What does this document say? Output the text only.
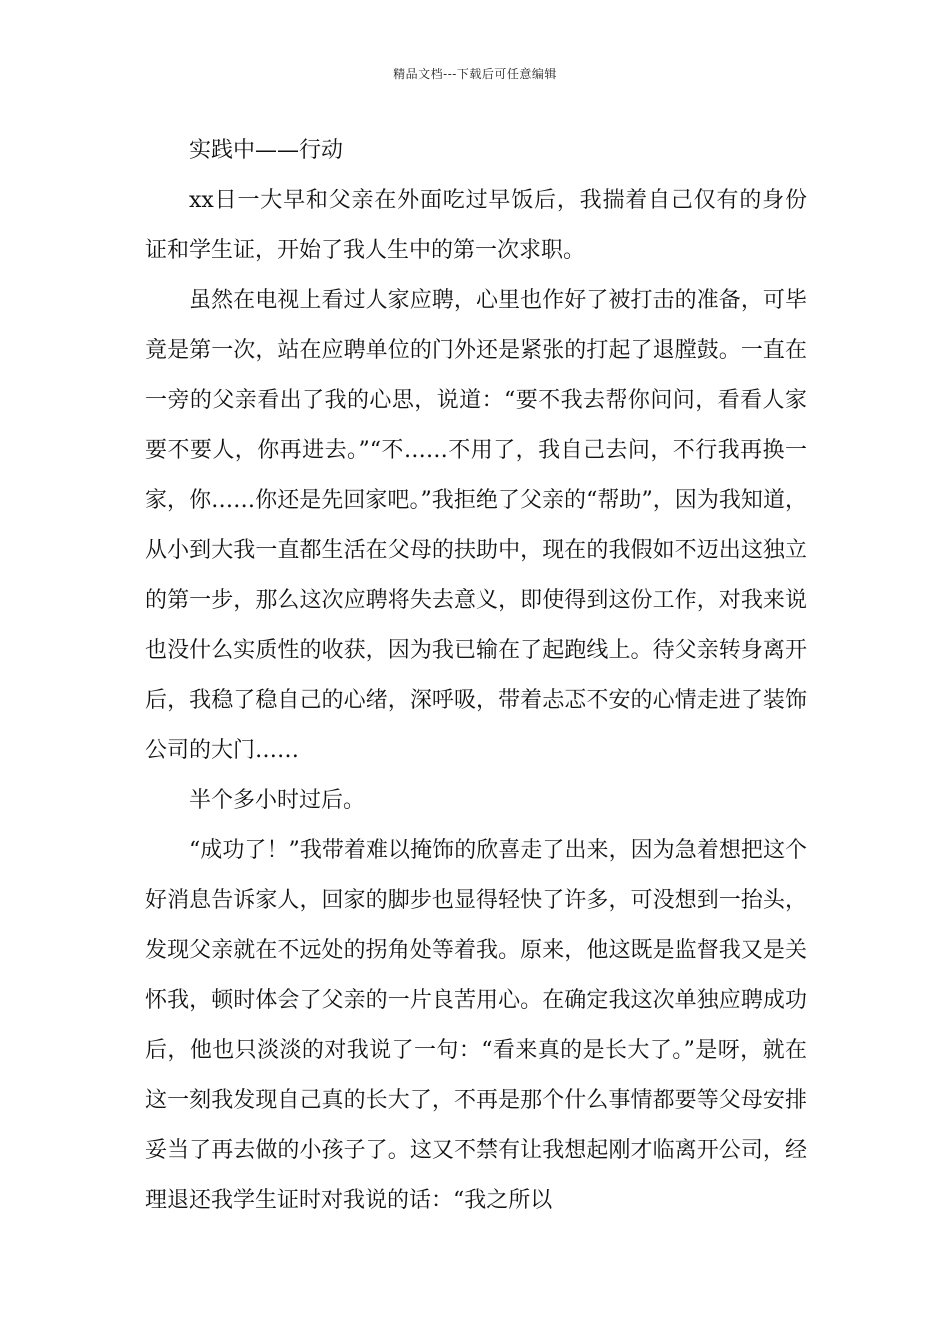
精品文档---下载后可任意编辑

实践中——行动

xx日一大早和父亲在外面吃过早饭后，我揣着自己仅有的身份证和学生证，开始了我人生中的第一次求职。

虽然在电视上看过人家应聘，心里也作好了被打击的准备，可毕竟是第一次，站在应聘单位的门外还是紧张的打起了退膛鼓。一直在一旁的父亲看出了我的心思，说道：“要不我去帮你问问，看看人家要不要人，你再进去。”“不……不用了，我自己去问，不行我再换一家，你……你还是先回家吧。”我拒绝了父亲的“帮助”，因为我知道，从小到大我一直都生活在父母的扶助中，现在的我假如不迈出这独立的第一步，那么这次应聘将失去意义，即使得到这份工作，对我来说也没什么实质性的收获，因为我已输在了起跑线上。待父亲转身离开后，我稳了稳自己的心绪，深呼吸，带着忐忑不安的心情走进了装饰公司的大门……

半个多小时过后。

“成功了！”我带着难以掩饰的欣喜走了出来，因为急着想把这个好消息告诉家人，回家的脚步也显得轻快了许多，可没想到一抬头，发现父亲就在不远处的拐角处等着我。原来，他这既是监督我又是关怀我，顿时体会了父亲的一片良苦用心。在确定我这次单独应聘成功后，他也只淡淡的对我说了一句：“看来真的是长大了。”是呀，就在这一刻我发现自己真的长大了，不再是那个什么事情都要等父母安排妥当了再去做的小孩子了。这又不禁有让我想起刚才临离开公司，经理退还我学生证时对我说的话：“我之所以
